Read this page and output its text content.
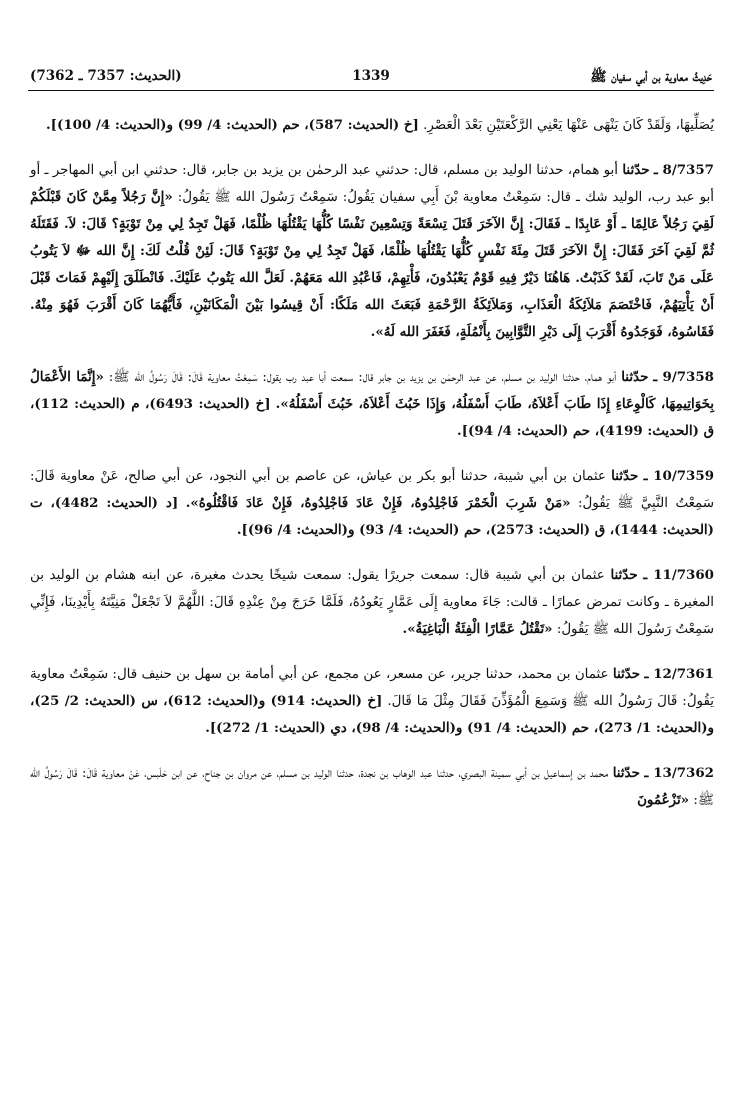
حَدِيثُ معاوية بن أبي سفيان ﷺ
1339
(الحديث: 7357 ـ 7362)

يُصَلِّيهَا، وَلَقَدْ كَانَ يَنْهَى عَنْهَا يَعْنِي الرَّكْعَتَيْنِ بَعْدَ الْعَصْرِ. [خ (الحديث: 587)، حم (الحديث: 4/ 99) و(الحديث: 4/ 100)].

8/7357 ـ حدّثنا أبو همام، حدثنا الوليد بن مسلم، قال: حدثني عبد الرحمٰن بن يزيد بن جابر، قال: حدثني ابن أبي المهاجر ـ أو أبو عبد رب، الوليد شك ـ قال: سَمِعْتُ معاوية بْنَ أَبِي سفيان يَقُولُ: سَمِعْتُ رَسُولَ الله ﷺ يَقُولُ: «إِنَّ رَجُلاً مِمَّنْ كَانَ قَبْلَكُمْ لَقِيَ رَجُلاً عَالِمًا ـ أَوْ عَابِدًا ـ فَقَالَ: إِنَّ الآخَرَ قَتَلَ تِسْعَةً وَتِسْعِينَ نَفْسًا كُلُّهَا يَقْتُلُهَا ظُلْمًا، فَهَلْ تَجِدُ لِي مِنْ تَوْبَةٍ؟ قَالَ: لاَ. فَقَتَلَهُ ثُمَّ لَقِيَ آخَرَ فَقَالَ: إِنَّ الآخَرَ قَتَلَ مِئَةَ نَفْسٍ كُلُّهَا يَقْتُلُهَا ظُلْمًا، فَهَلْ تَجِدُ لِي مِنْ تَوْبَةٍ؟ قَالَ: لَئِنْ قُلْتُ لَكَ: إِنَّ الله ﷻ لاَ يَتُوبُ عَلَى مَنْ تَابَ، لَقَدْ كَذَبْتُ. هَاهُنَا دَيْرٌ فِيهِ قَوْمٌ يَعْبُدُونَ، فَأْتِهِمْ، فَاعْبُدِ الله مَعَهُمْ. لَعَلَّ الله يَتُوبُ عَلَيْكَ. فَانْطَلَقَ إِلَيْهِمْ فَمَاتَ قَبْلَ أَنْ يَأْتِيَهُمْ، فَاخْتَصَمَ مَلاَئِكَةُ الْعَذَابِ، وَمَلاَئِكَةُ الرَّحْمَةِ فَبَعَثَ الله مَلَكًا: أَنْ قِيسُوا بَيْنَ الْمَكَانَيْنِ، فَأَيُّهُمَا كَانَ أَقْرَبَ فَهُوَ مِنْهُ. فَقَاسُوهُ، فَوَجَدُوهُ أَقْرَبَ إِلَى دَيْرِ التَّوَّابِينَ بِأَنْمُلَةٍ، فَغَفَرَ الله لَهُ».

9/7358 ـ حدّثنا أبو همام، حدثنا الوليد بن مسلم، عن عبد الرحمٰن بن يزيد بن جابر قال: سمعت أبا عبد رب يقول: سَمِعْتُ معاوية قَالَ: قَالَ رَسُولُ الله ﷺ: «إِنَّمَا الأَعْمَالُ بِخَوَاتِيمِهَا، كَالْوِعَاءِ إِذَا طَابَ أَعْلاَهُ، طَابَ أَسْفَلُهُ، وَإِذَا خَبُثَ أَعْلاَهُ، خَبُثَ أَسْفَلُهُ». [خ (الحديث: 6493)، م (الحديث: 112)، ق (الحديث: 4199)، حم (الحديث: 4/ 94)].

10/7359 ـ حدّثنا عثمان بن أبي شيبة، حدثنا أبو بكر بن عياش، عن عاصم بن أبي النجود، عن أبي صالح، عَنْ معاوية قَالَ: سَمِعْتُ النَّبِيَّ ﷺ يَقُولُ: «مَنْ شَرِبَ الْخَمْرَ فَاجْلِدُوهُ، فَإِنْ عَادَ فَاجْلِدُوهُ، فَإِنْ عَادَ فَاقْتُلُوهُ». [د (الحديث: 4482)، ت (الحديث: 1444)، ق (الحديث: 2573)، حم (الحديث: 4/ 93) و(الحديث: 4/ 96)].

11/7360 ـ حدّثنا عثمان بن أبي شيبة قال: سمعت جريرًا يقول: سمعت شيخًا يحدث مغيرة، عن ابنه هشام بن الوليد بن المغيرة ـ وكانت تمرض عمارًا ـ قالت: جَاءَ معاوية إِلَى عَمَّارٍ يَعُودُهُ، فَلَمَّا خَرَجَ مِنْ عِنْدِهِ قَالَ: اللَّهُمَّ لاَ تَجْعَلْ مَنِيَّتَهُ بِأَيْدِينَا، فَإِنِّي سَمِعْتُ رَسُولَ الله ﷺ يَقُولُ: «تَقْتُلُ عَمَّارًا الْفِئَةُ الْبَاغِيَةُ».

12/7361 ـ حدّثنا عثمان بن محمد، حدثنا جرير، عن مسعر، عن مجمع، عن أبي أمامة بن سهل بن حنيف قال: سَمِعْتُ معاوية يَقُولُ: قَالَ رَسُولُ الله ﷺ وَسَمِعَ الْمُؤَذِّنَ فَقَالَ مِثْلَ مَا قَالَ. [خ (الحديث: 914) و(الحديث: 612)، س (الحديث: 2/ 25)، و(الحديث: 1/ 273)، حم (الحديث: 4/ 91) و(الحديث: 4/ 98)، دي (الحديث: 1/ 272)].

13/7362 ـ حدّثنا محمد بن إسماعيل بن أبي سمينة البصري، حدثنا عبد الوهاب بن نجدة، حدثنا الوليد بن مسلم، عن مروان بن جناح، عن ابن حَلْبس، عَنْ معاوية قَالَ: قَالَ رَسُولُ الله ﷺ: «تَزْعُمُونَ
